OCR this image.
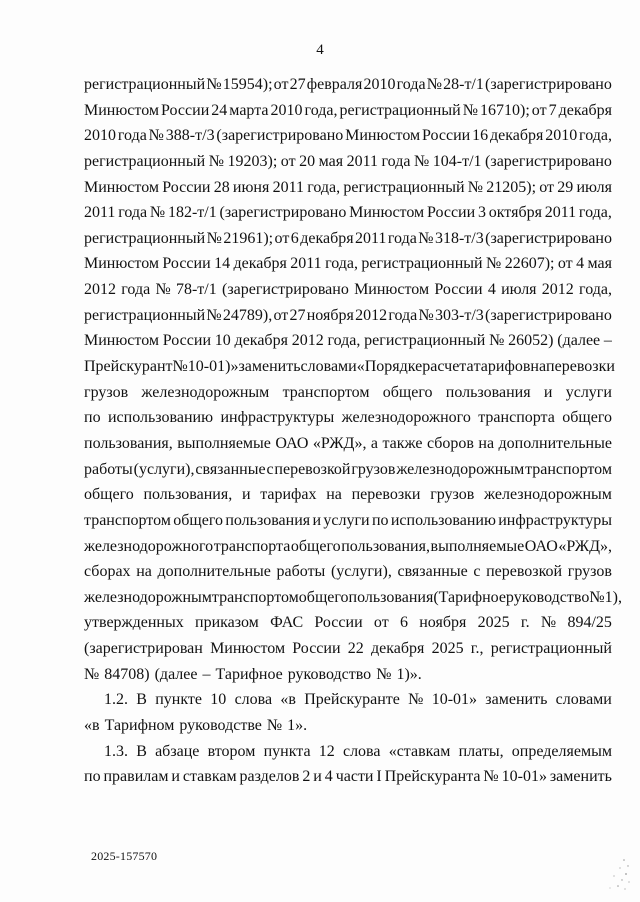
4
регистрационный № 15954); от 27 февраля 2010 года № 28-т/1 (зарегистрировано
Минюстом России 24 марта 2010 года, регистрационный № 16710); от 7 декабря
2010 года № 388-т/3 (зарегистрировано Минюстом России 16 декабря 2010 года,
регистрационный № 19203); от 20 мая 2011 года № 104-т/1 (зарегистрировано
Минюстом России 28 июня 2011 года, регистрационный № 21205); от 29 июля
2011 года № 182-т/1 (зарегистрировано Минюстом России 3 октября 2011 года,
регистрационный № 21961); от 6 декабря 2011 года № 318-т/3 (зарегистрировано
Минюстом России 14 декабря 2011 года, регистрационный № 22607); от 4 мая
2012 года № 78-т/1 (зарегистрировано Минюстом России 4 июля 2012 года,
регистрационный № 24789), от 27 ноября 2012 года № 303-т/3 (зарегистрировано
Минюстом России 10 декабря 2012 года, регистрационный № 26052) (далее –
Прейскурант № 10-01)» заменить словами «Порядке расчета тарифов на перевозки
грузов железнодорожным транспортом общего пользования и услуги
по использованию инфраструктуры железнодорожного транспорта общего
пользования, выполняемые ОАО «РЖД», а также сборов на дополнительные
работы (услуги), связанные с перевозкой грузов железнодорожным транспортом
общего пользования, и тарифах на перевозки грузов железнодорожным
транспортом общего пользования и услуги по использованию инфраструктуры
железнодорожного транспорта общего пользования, выполняемые ОАО «РЖД»,
сборах на дополнительные работы (услуги), связанные с перевозкой грузов
железнодорожным транспортом общего пользования (Тарифное руководство № 1),
утвержденных приказом ФАС России от 6 ноября 2025 г. № 894/25
(зарегистрирован Минюстом России 22 декабря 2025 г., регистрационный
№ 84708) (далее – Тарифное руководство № 1)».
1.2. В пункте 10 слова «в Прейскуранте № 10-01» заменить словами
«в Тарифном руководстве № 1».
1.3. В абзаце втором пункта 12 слова «ставкам платы, определяемым
по правилам и ставкам разделов 2 и 4 части I Прейскуранта № 10-01» заменить
2025-157570
